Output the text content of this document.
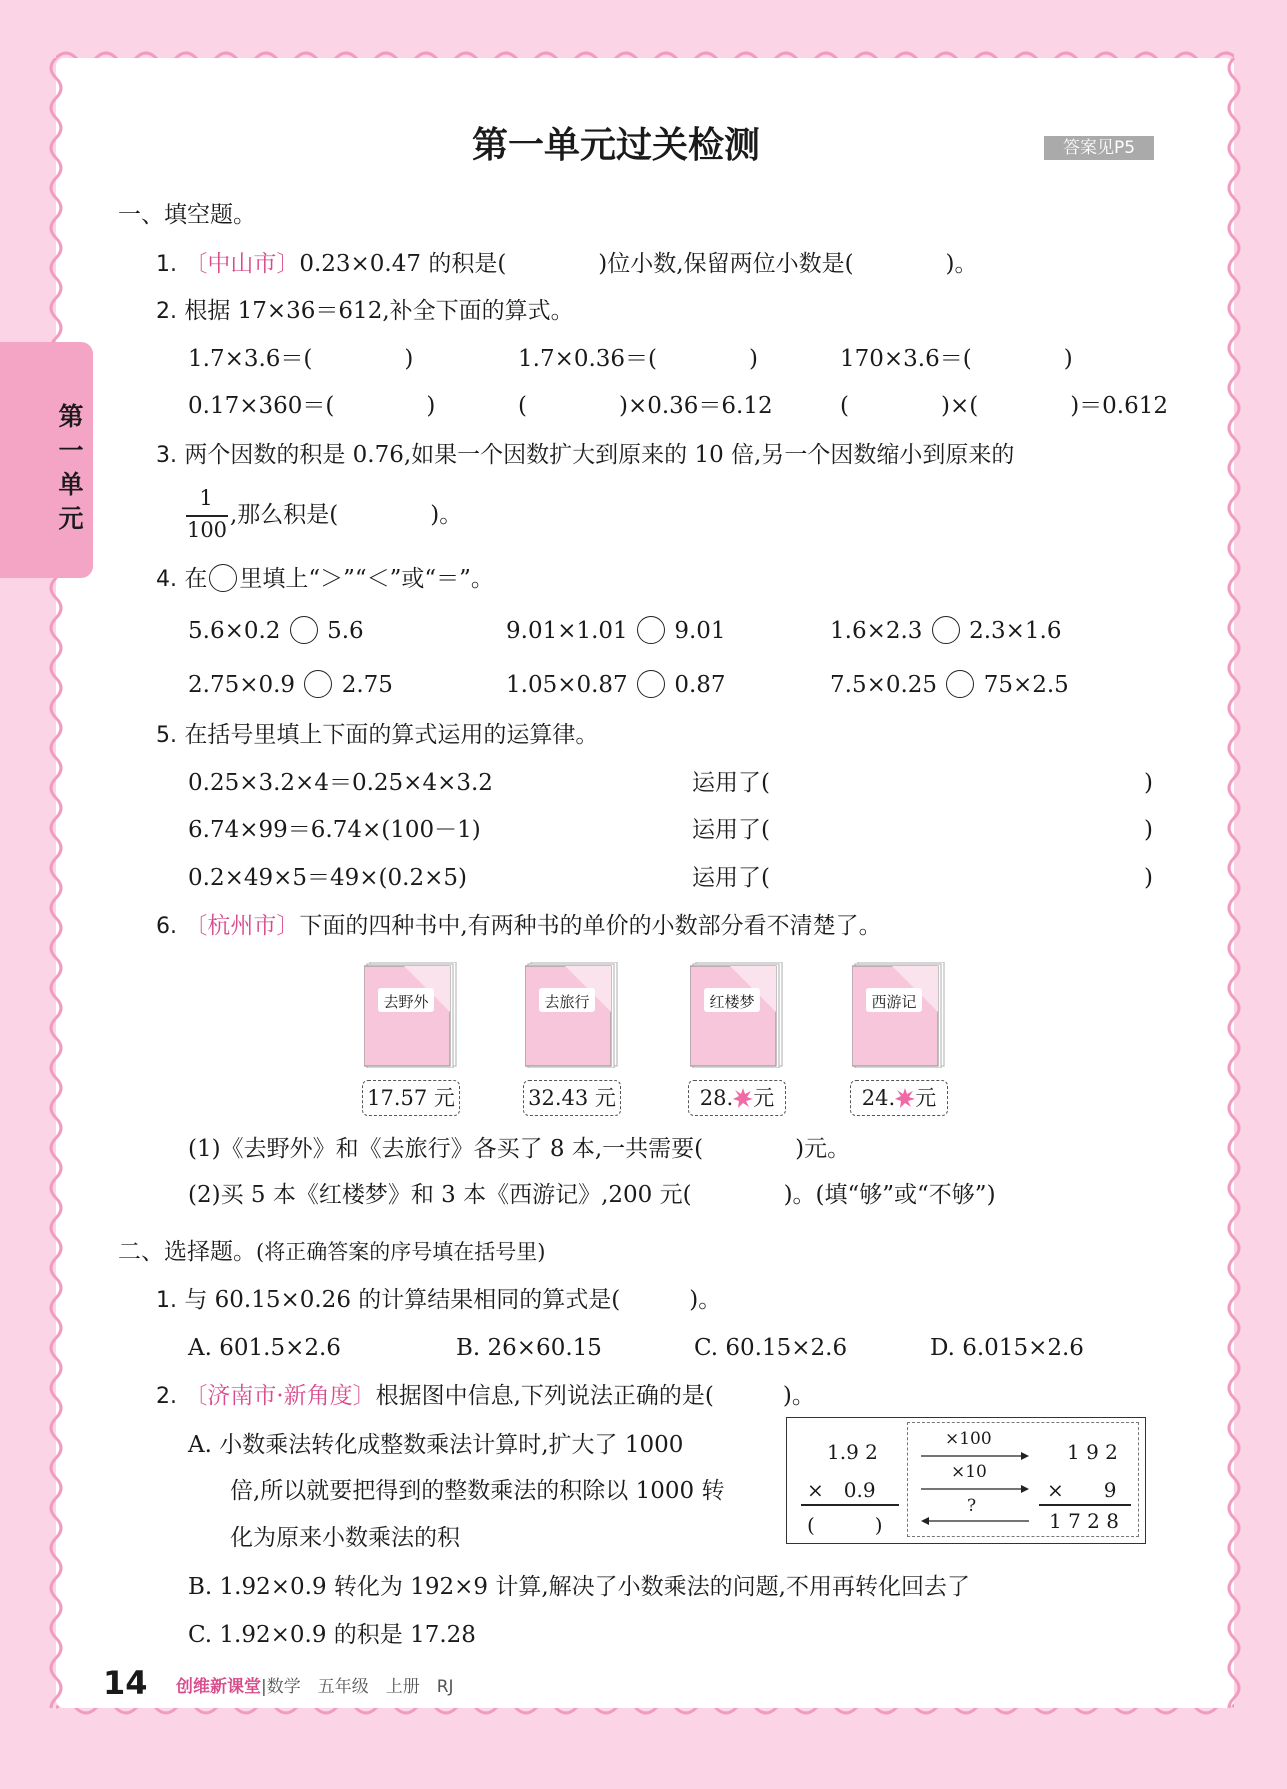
第一单元
第一单元过关检测	答案见P5
一、填空题。
1. 〔中山市〕0.23×0.47 的积是(　　　　)位小数,保留两位小数是(　　　　)。
2. 根据 17×36＝612,补全下面的算式。
1.7×3.6＝(　　　　)	1.7×0.36＝(　　　　)	170×3.6＝(　　　　)
0.17×360＝(　　　　)	(　　　　)×0.36＝6.12	(　　　　)×(　　　　)＝0.612
3. 两个因数的积是 0.76,如果一个因数扩大到原来的 10 倍,另一个因数缩小到原来的
1
100
,那么积是(　　　　)。
4. 在 里填上“＞”“＜”或“＝”。
5.6×0.2 5.6	9.01×1.01 9.01	1.6×2.3 2.3×1.6
2.75×0.9 2.75	1.05×0.87 0.87	7.5×0.25 75×2.5
5. 在括号里填上下面的算式运用的运算律。
0.25×3.2×4＝0.25×4×3.2	运用了(	)
6.74×99＝6.74×(100－1)	运用了(	)
0.2×49×5＝49×(0.2×5)	运用了(	)
6. 〔杭州市〕下面的四种书中,有两种书的单价的小数部分看不清楚了。
去野外	去旅行	红楼梦	西游记
17.57 元	32.43 元	28. 元	24. 元
(1)《去野外》和《去旅行》各买了 8 本,一共需要(　　　　)元。
(2)买 5 本《红楼梦》和 3 本《西游记》,200 元(　　　　)。(填“够”或“不够”)
二、选择题。(将正确答案的序号填在括号里)
1. 与 60.15×0.26 的计算结果相同的算式是(　　　)。
A. 601.5×2.6	B. 26×60.15	C. 60.15×2.6	D. 6.015×2.6
2. 〔济南市·新角度〕根据图中信息,下列说法正确的是(　　　)。
A. 小数乘法转化成整数乘法计算时,扩大了 1000
倍,所以就要把得到的整数乘法的积除以 1000 转
化为原来小数乘法的积
B. 1.92×0.9 转化为 192×9 计算,解决了小数乘法的问题,不用再转化回去了
C. 1.92×0.9 的积是 17.28
1.9 2
×　0.9
(　　　)
×100
×10
?
1 9 2
×　　9
1 7 2 8
14 创维新课堂|数学　五年级　上册　RJ
